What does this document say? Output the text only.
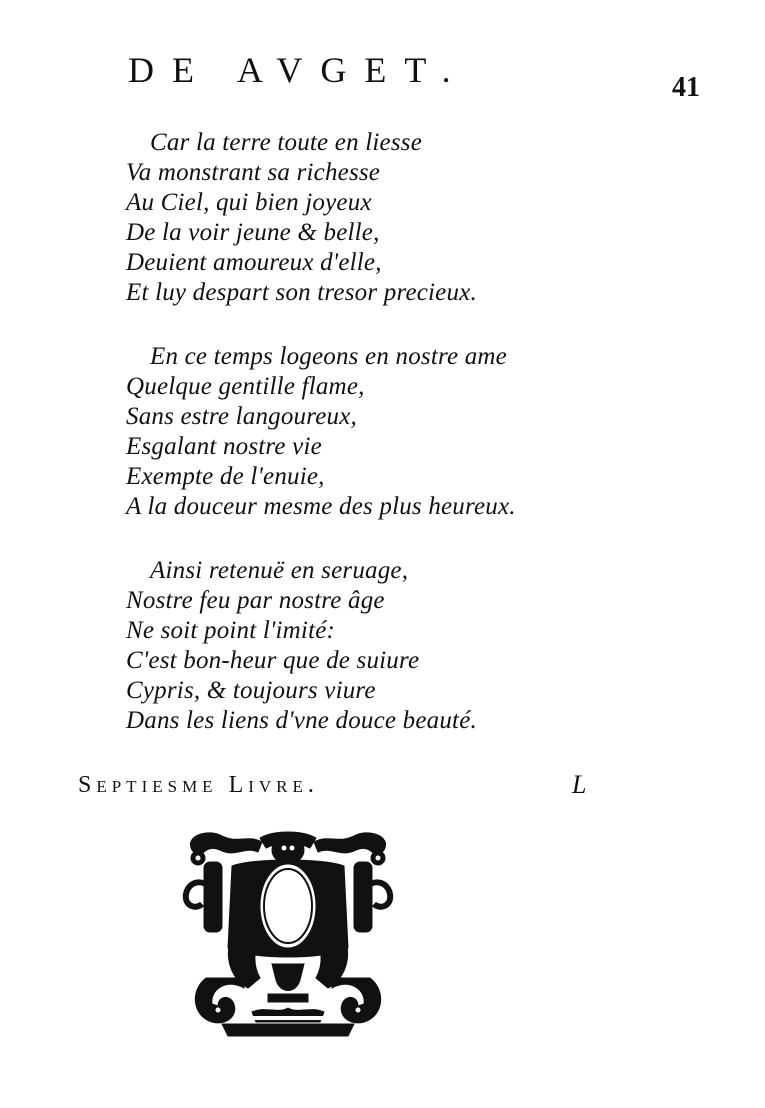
DE AVGET.	41
Car la terre toute en liesse
Va monstrant sa richesse
Au Ciel, qui bien joyeux
De la voir jeune & belle,
Deuient amoureux d'elle,
Et luy despart son tresor precieux.
En ce temps logeons en nostre ame
Quelque gentille flame,
Sans estre langoureux,
Esgalant nostre vie
Exempte de l'enuie,
A la douceur mesme des plus heureux.
Ainsi retenuë en seruage,
Nostre feu par nostre âge
Ne soit point l'imité:
C'est bon-heur que de suiure
Cypris, & toujours viure
Dans les liens d'vne douce beauté.
Septiesme Livre.	L
